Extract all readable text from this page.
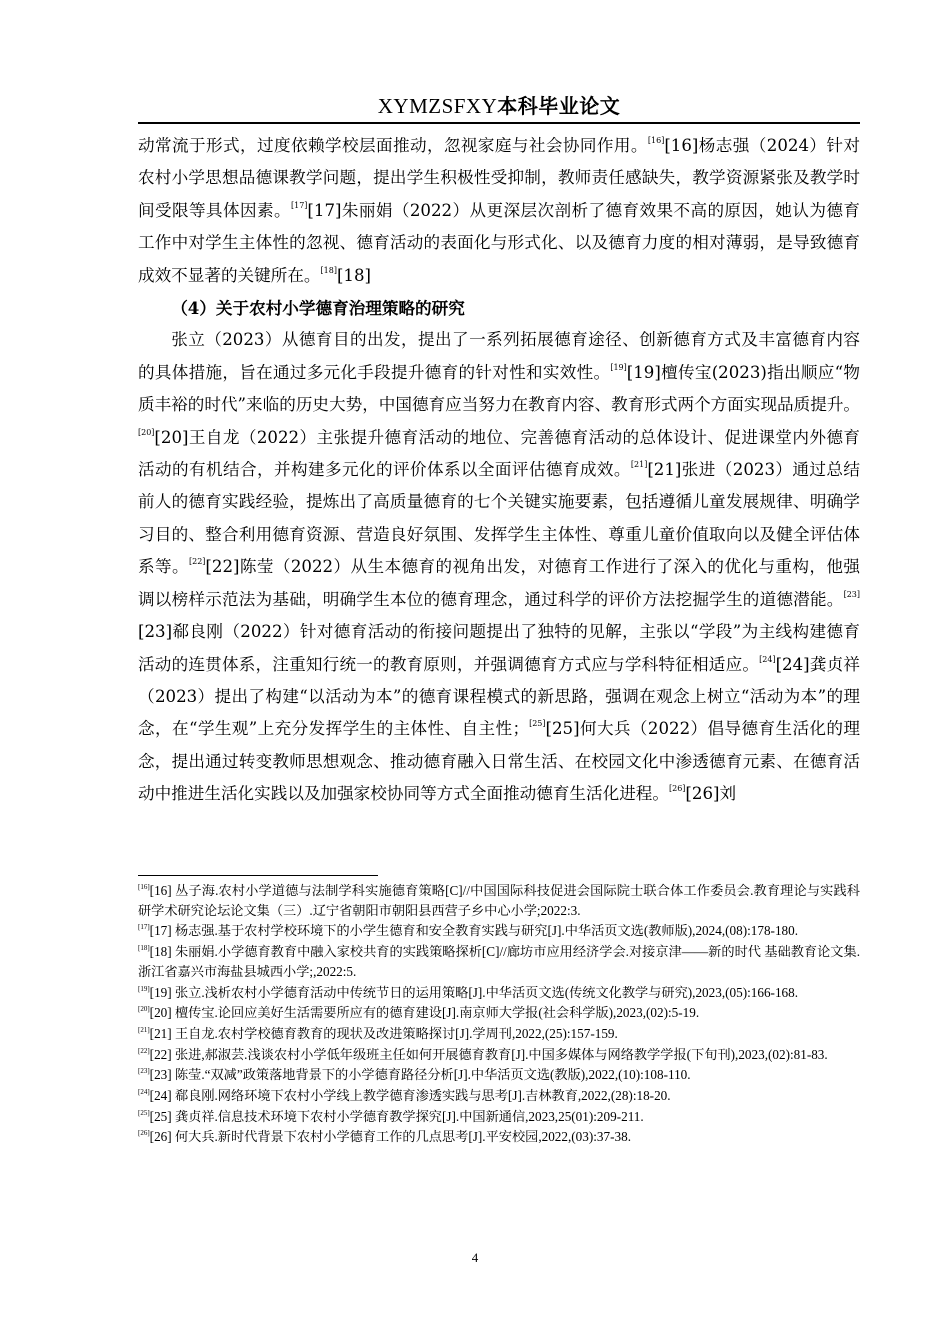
XYMZSFXY本科毕业论文

动常流于形式，过度依赖学校层面推动，忽视家庭与社会协同作用。[16][16]杨志强（2024）针对农村小学思想品德课教学问题，提出学生积极性受抑制，教师责任感缺失，教学资源紧张及教学时间受限等具体因素。[17][17]朱丽娟（2022）从更深层次剖析了德育效果不高的原因，她认为德育工作中对学生主体性的忽视、德育活动的表面化与形式化、以及德育力度的相对薄弱，是导致德育成效不显著的关键所在。[18][18]

（4）关于农村小学德育治理策略的研究

张立（2023）从德育目的出发，提出了一系列拓展德育途径、创新德育方式及丰富德育内容的具体措施，旨在通过多元化手段提升德育的针对性和实效性。[19][19]檀传宝(2023)指出顺应“物质丰裕的时代”来临的历史大势，中国德育应当努力在教育内容、教育形式两个方面实现品质提升。[20][20]王自龙（2022）主张提升德育活动的地位、完善德育活动的总体设计、促进课堂内外德育活动的有机结合，并构建多元化的评价体系以全面评估德育成效。[21][21]张进（2023）通过总结前人的德育实践经验，提炼出了高质量德育的七个关键实施要素，包括遵循儿童发展规律、明确学习目的、整合利用德育资源、营造良好氛围、发挥学生主体性、尊重儿童价值取向以及健全评估体系等。[22][22]陈莹（2022）从生本德育的视角出发，对德育工作进行了深入的优化与重构，他强调以榜样示范法为基础，明确学生本位的德育理念，通过科学的评价方法挖掘学生的道德潜能。[23][23]郗良刚（2022）针对德育活动的衔接问题提出了独特的见解，主张以“学段”为主线构建德育活动的连贯体系，注重知行统一的教育原则，并强调德育方式应与学科特征相适应。[24][24]龚贞祥（2023）提出了构建“以活动为本”的德育课程模式的新思路，强调在观念上树立“活动为本”的理念，在“学生观”上充分发挥学生的主体性、自主性；[25][25]何大兵（2022）倡导德育生活化的理念，提出通过转变教师思想观念、推动德育融入日常生活、在校园文化中渗透德育元素、在德育活动中推进生活化实践以及加强家校协同等方式全面推动德育生活化进程。[26][26]刘

[16][16] 丛子海.农村小学道德与法制学科实施德育策略[C]//中国国际科技促进会国际院士联合体工作委员会.教育理论与实践科研学术研究论坛论文集（三）.辽宁省朝阳市朝阳县西营子乡中心小学;2022:3.

[17][17] 杨志强.基于农村学校环境下的小学生德育和安全教育实践与研究[J].中华活页文选(教师版),2024,(08):178-180.

[18][18] 朱丽娟.小学德育教育中融入家校共育的实践策略探析[C]//廊坊市应用经济学会.对接京津——新的时代 基础教育论文集.浙江省嘉兴市海盐县城西小学;,2022:5.

[19][19] 张立.浅析农村小学德育活动中传统节日的运用策略[J].中华活页文选(传统文化教学与研究),2023,(05):166-168.

[20][20] 檀传宝.论回应美好生活需要所应有的德育建设[J].南京师大学报(社会科学版),2023,(02):5-19.

[21][21] 王自龙.农村学校德育教育的现状及改进策略探讨[J].学周刊,2022,(25):157-159.

[22][22] 张进,郝淑芸.浅谈农村小学低年级班主任如何开展德育教育[J].中国多媒体与网络教学学报(下旬刊),2023,(02):81-83.

[23][23] 陈莹.“双减”政策落地背景下的小学德育路径分析[J].中华活页文选(教版),2022,(10):108-110.

[24][24] 郗良刚.网络环境下农村小学线上教学德育渗透实践与思考[J].吉林教育,2022,(28):18-20.

[25][25] 龚贞祥.信息技术环境下农村小学德育教学探究[J].中国新通信,2023,25(01):209-211.

[26][26] 何大兵.新时代背景下农村小学德育工作的几点思考[J].平安校园,2022,(03):37-38.

4
